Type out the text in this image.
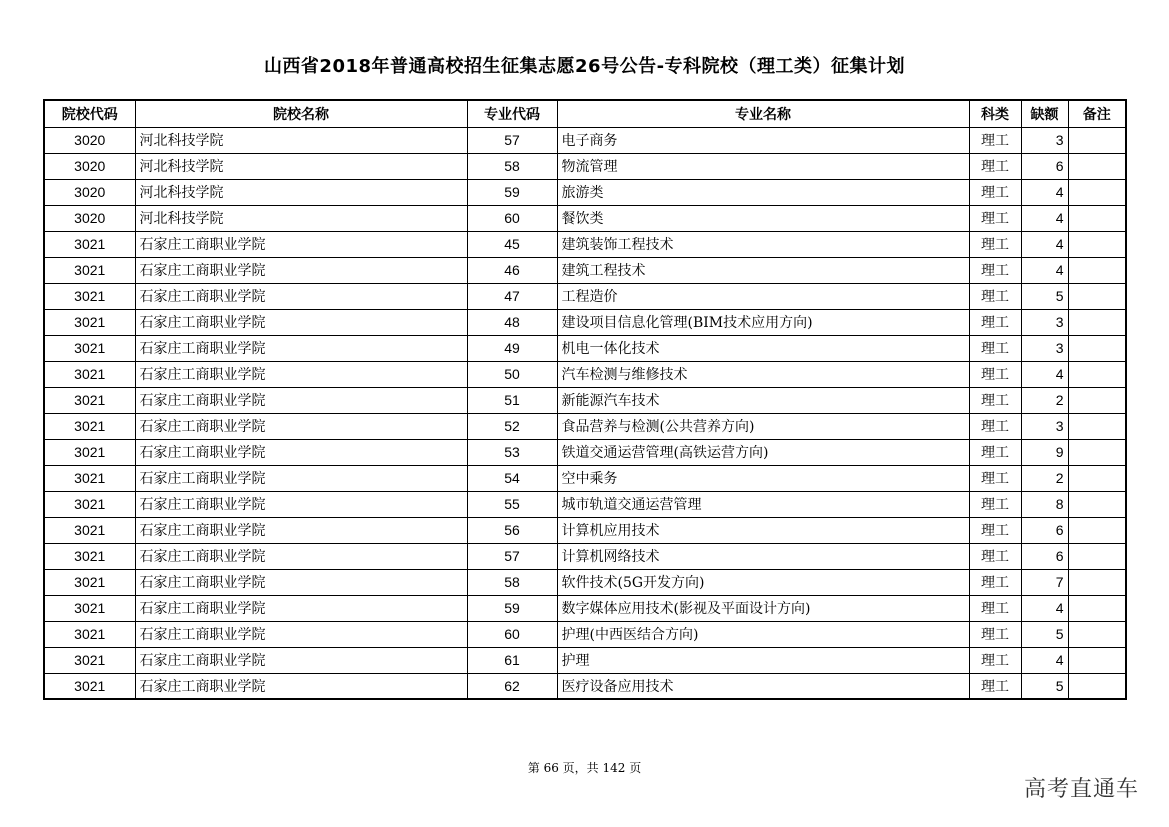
山西省2018年普通高校招生征集志愿26号公告-专科院校（理工类）征集计划
院校代码	院校名称	专业代码	专业名称	科类	缺额	备注
3020	河北科技学院	57	电子商务	理工	3	
3020	河北科技学院	58	物流管理	理工	6	
3020	河北科技学院	59	旅游类	理工	4	
3020	河北科技学院	60	餐饮类	理工	4	
3021	石家庄工商职业学院	45	建筑装饰工程技术	理工	4	
3021	石家庄工商职业学院	46	建筑工程技术	理工	4	
3021	石家庄工商职业学院	47	工程造价	理工	5	
3021	石家庄工商职业学院	48	建设项目信息化管理(BIM技术应用方向)	理工	3	
3021	石家庄工商职业学院	49	机电一体化技术	理工	3	
3021	石家庄工商职业学院	50	汽车检测与维修技术	理工	4	
3021	石家庄工商职业学院	51	新能源汽车技术	理工	2	
3021	石家庄工商职业学院	52	食品营养与检测(公共营养方向)	理工	3	
3021	石家庄工商职业学院	53	铁道交通运营管理(高铁运营方向)	理工	9	
3021	石家庄工商职业学院	54	空中乘务	理工	2	
3021	石家庄工商职业学院	55	城市轨道交通运营管理	理工	8	
3021	石家庄工商职业学院	56	计算机应用技术	理工	6	
3021	石家庄工商职业学院	57	计算机网络技术	理工	6	
3021	石家庄工商职业学院	58	软件技术(5G开发方向)	理工	7	
3021	石家庄工商职业学院	59	数字媒体应用技术(影视及平面设计方向)	理工	4	
3021	石家庄工商职业学院	60	护理(中西医结合方向)	理工	5	
3021	石家庄工商职业学院	61	护理	理工	4	
3021	石家庄工商职业学院	62	医疗设备应用技术	理工	5	
第 66 页，共 142 页
高考直通车
